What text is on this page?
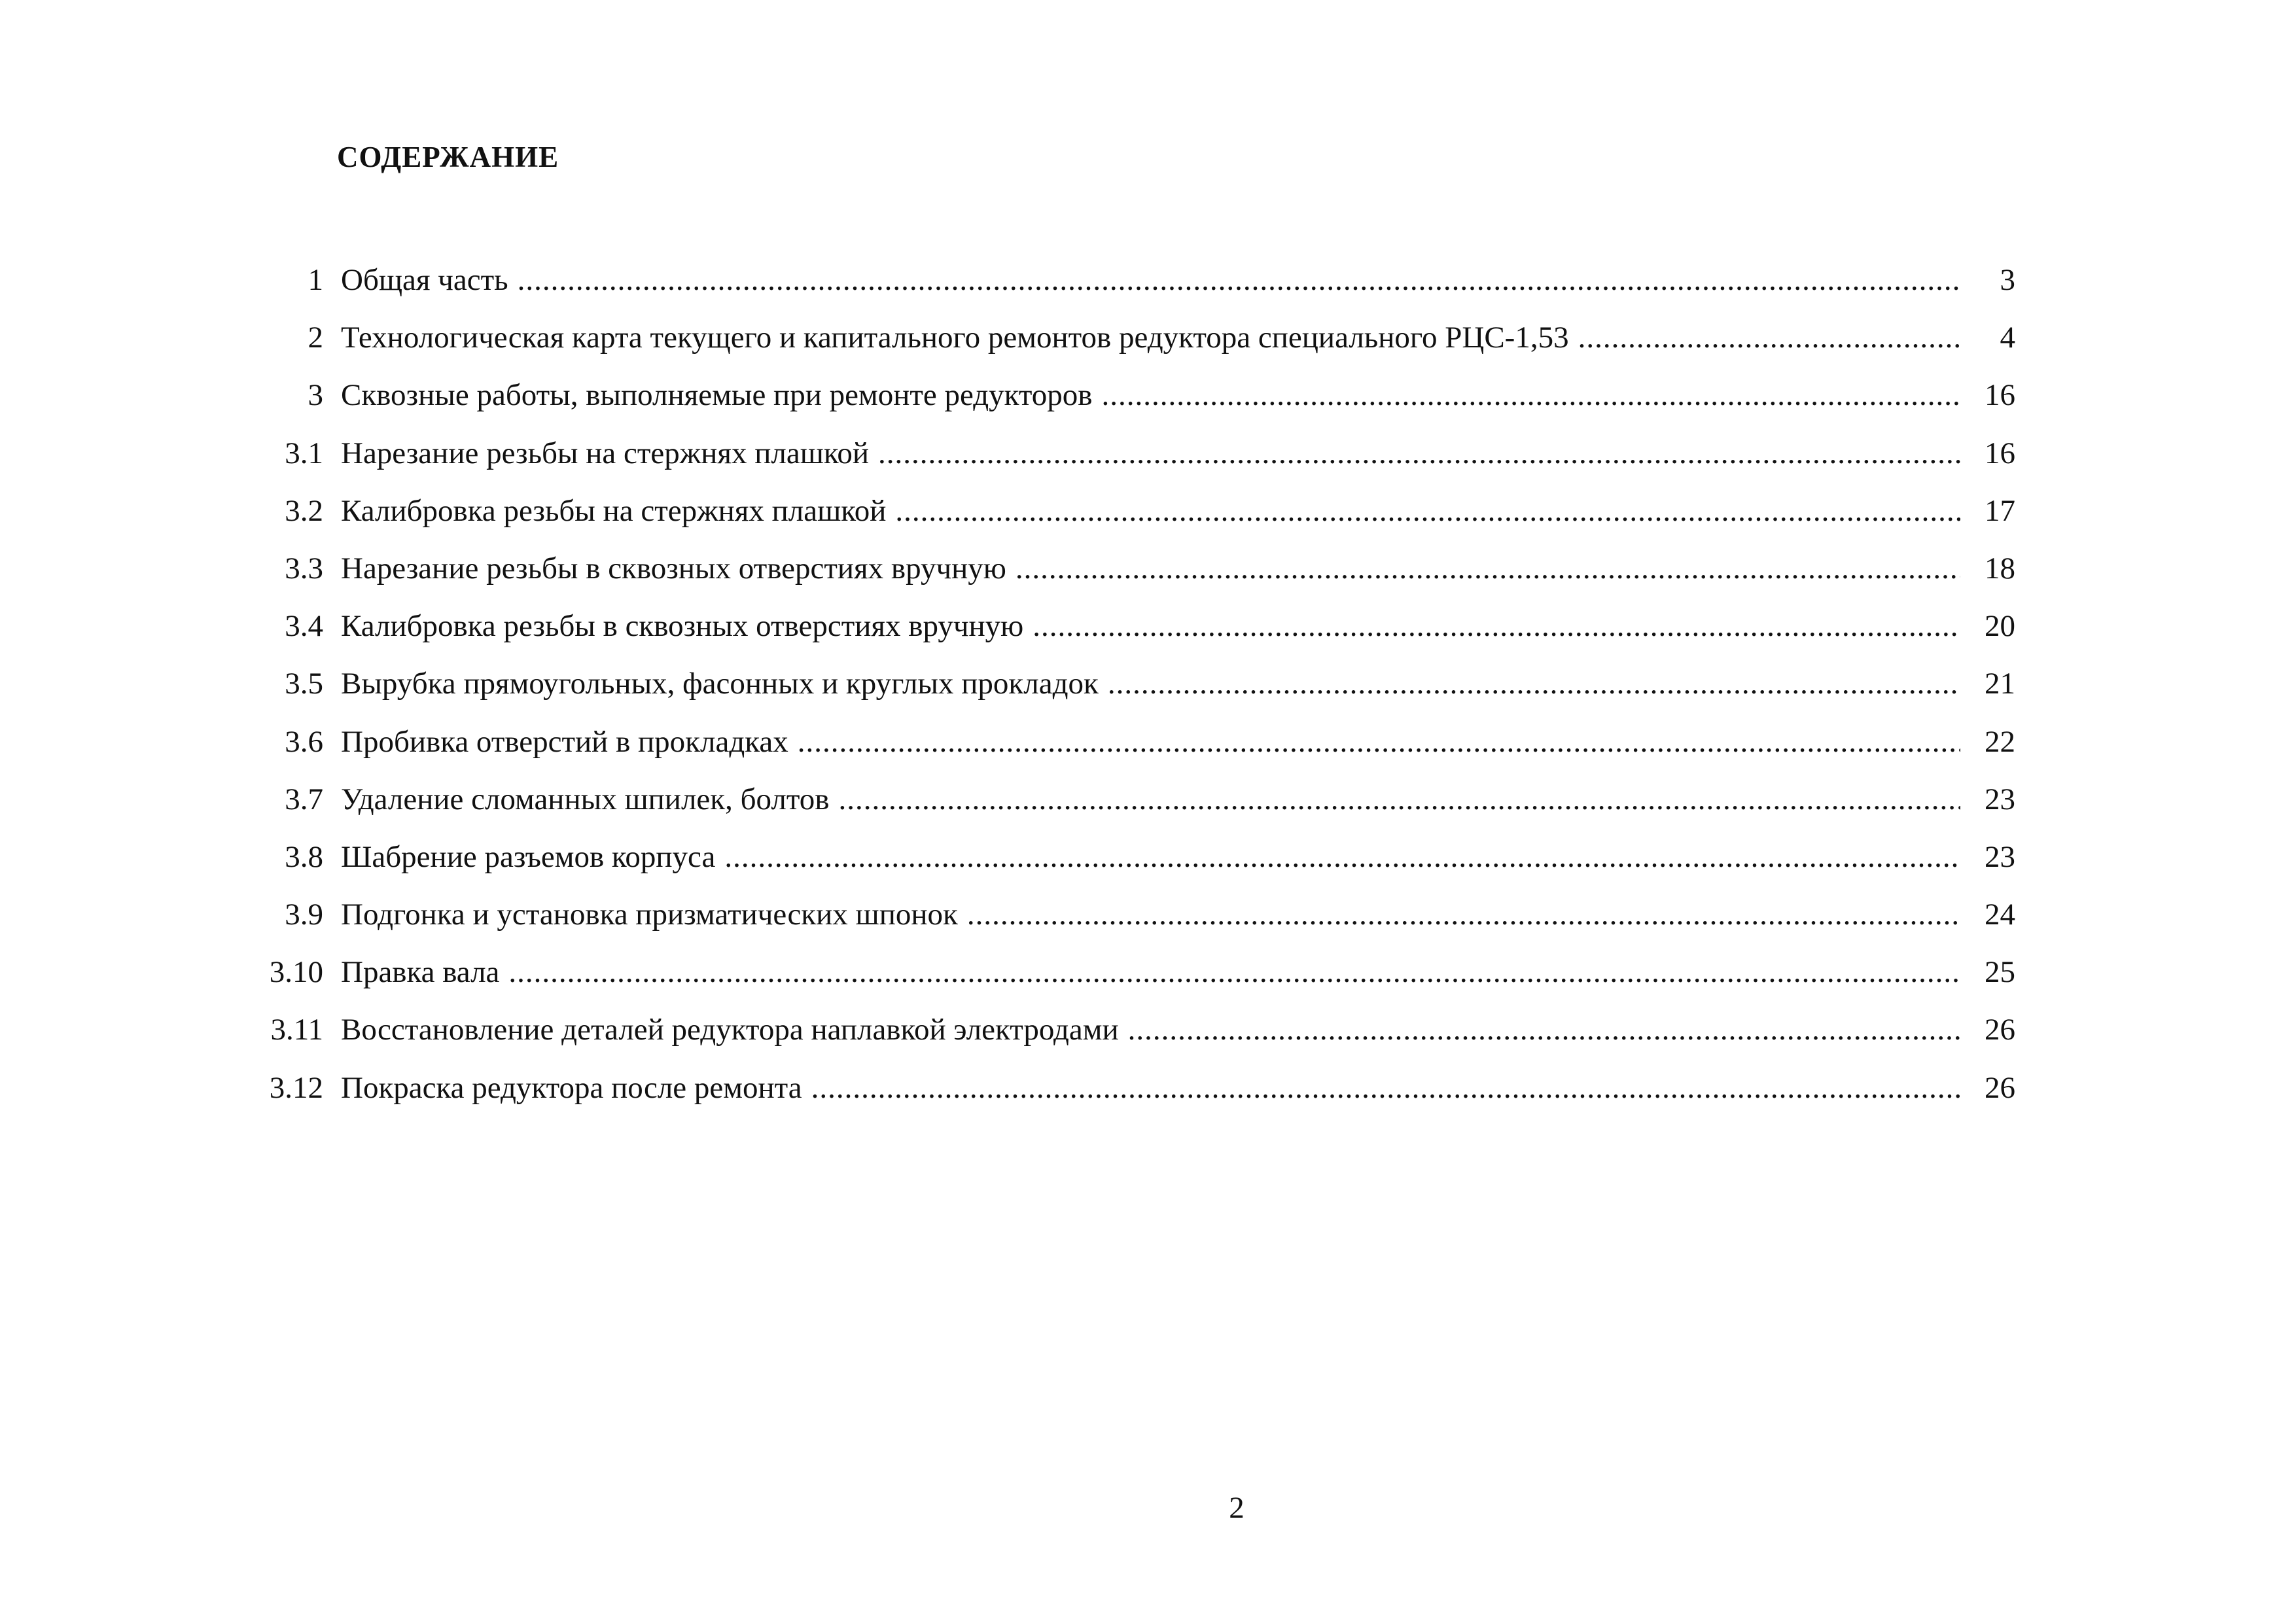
СОДЕРЖАНИЕ
1 Общая часть .....	3
2 Технологическая карта текущего и капитального ремонтов редуктора специального РЦС-1,53 .....	4
3 Сквозные работы, выполняемые при ремонте редукторов .....	16
3.1 Нарезание резьбы на стержнях плашкой .....	16
3.2 Калибровка резьбы на стержнях плашкой .....	17
3.3 Нарезание резьбы в сквозных отверстиях вручную .....	18
3.4 Калибровка резьбы в сквозных отверстиях вручную .....	20
3.5 Вырубка прямоугольных, фасонных и круглых прокладок .....	21
3.6 Пробивка отверстий в прокладках .....	22
3.7 Удаление сломанных шпилек, болтов .....	23
3.8 Шабрение разъемов корпуса .....	23
3.9 Подгонка и установка призматических шпонок .....	24
3.10 Правка вала .....	25
3.11 Восстановление деталей редуктора наплавкой электродами .....	26
3.12 Покраска редуктора после ремонта .....	26

2
